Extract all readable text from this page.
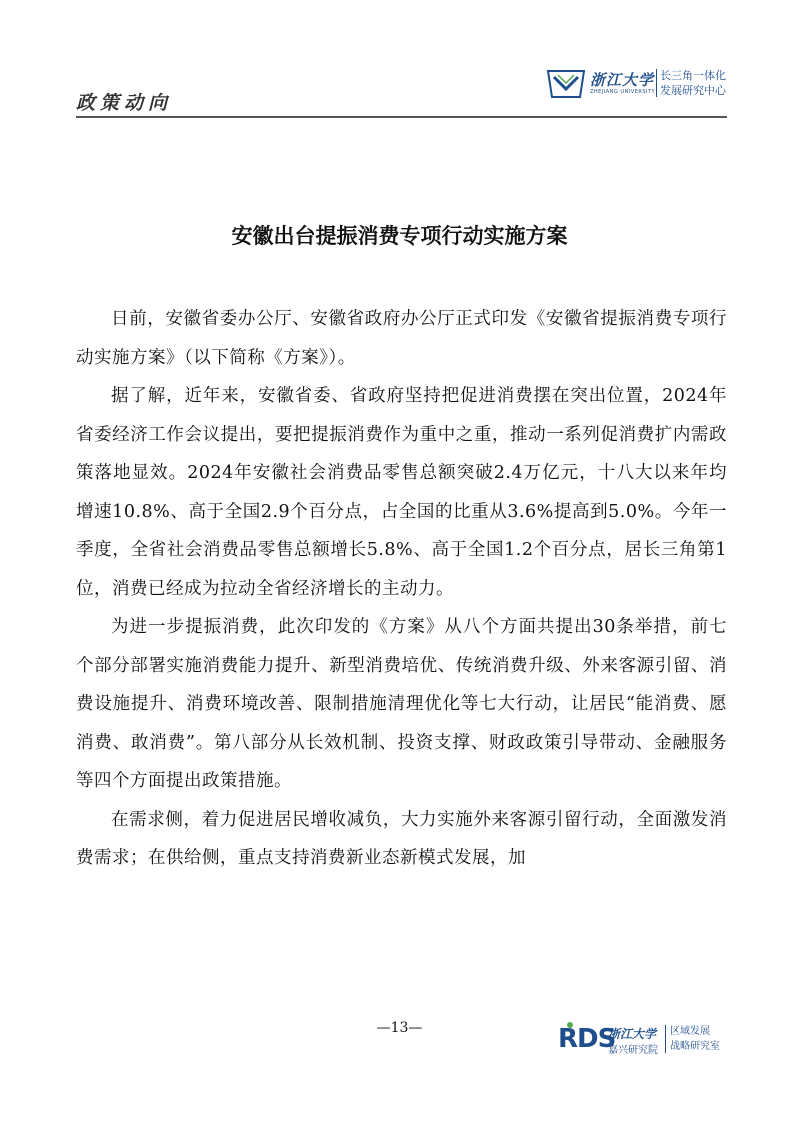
政策动向
浙江大学
ZHEJIANG UNIVERSITY
长三角一体化
发展研究中心
安徽出台提振消费专项行动实施方案

日前，安徽省委办公厅、安徽省政府办公厅正式印发《安徽省提振消费专项行动实施方案》（以下简称《方案》）。

据了解，近年来，安徽省委、省政府坚持把促进消费摆在突出位置，2024年省委经济工作会议提出，要把提振消费作为重中之重，推动一系列促消费扩内需政策落地显效。2024年安徽社会消费品零售总额突破2.4万亿元，十八大以来年均增速10.8%、高于全国2.9个百分点，占全国的比重从3.6%提高到5.0%。今年一季度，全省社会消费品零售总额增长5.8%、高于全国1.2个百分点，居长三角第1位，消费已经成为拉动全省经济增长的主动力。

为进一步提振消费，此次印发的《方案》从八个方面共提出30条举措，前七个部分部署实施消费能力提升、新型消费培优、传统消费升级、外来客源引留、消费设施提升、消费环境改善、限制措施清理优化等七大行动，让居民“能消费、愿消费、敢消费”。第八部分从长效机制、投资支撑、财政政策引导带动、金融服务等四个方面提出政策措施。

在需求侧，着力促进居民增收减负，大力实施外来客源引留行动，全面激发消费需求；在供给侧，重点支持消费新业态新模式发展，加

—13—	RDS
浙江大学
嘉兴研究院
区域发展
战略研究室
